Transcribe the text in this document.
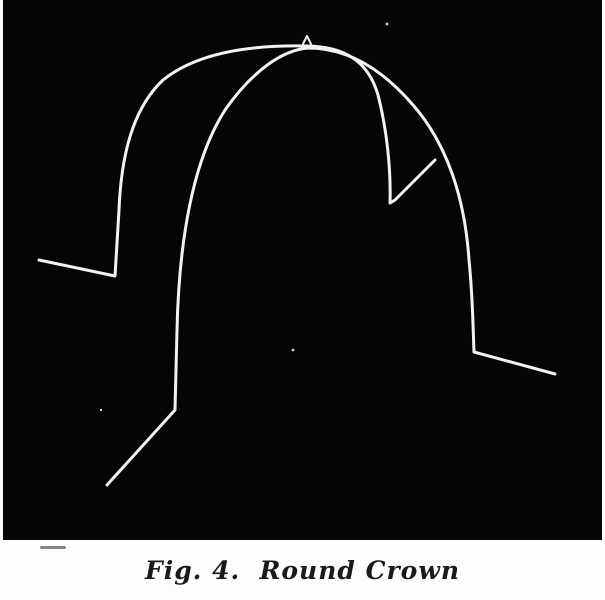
Fig. 4.  Round Crown
